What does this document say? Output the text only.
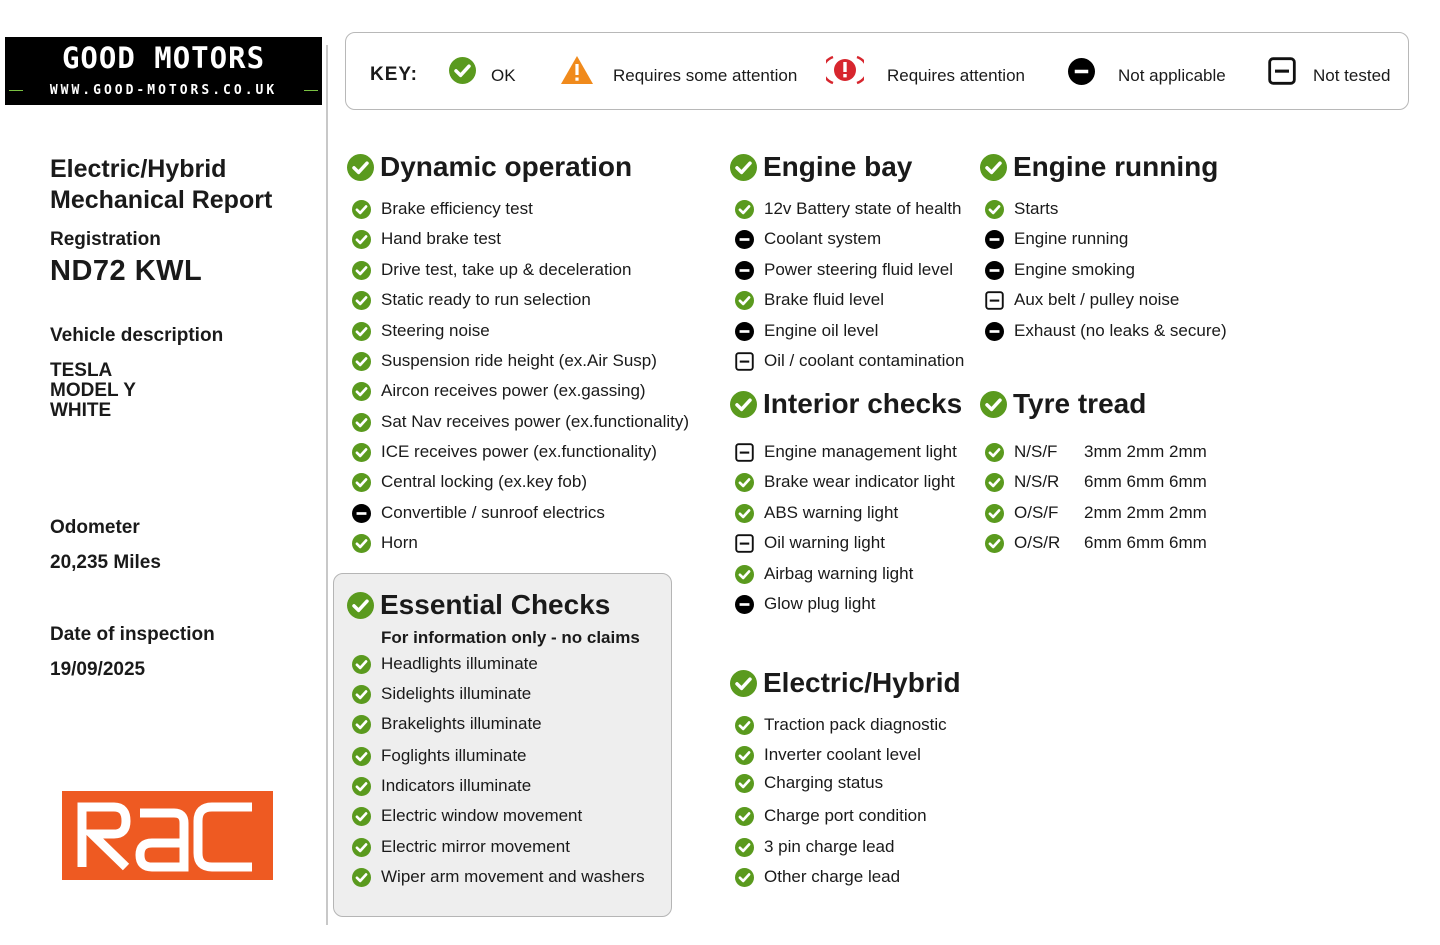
GOOD MOTORS
WWW.GOOD-MOTORS.CO.UK
KEY:	OK	Requires some attention	Requires attention	Not applicable	Not tested
Electric/Hybrid
Mechanical Report
Registration
ND72 KWL
Vehicle description
TESLA
MODEL Y
WHITE
Odometer
20,235 Miles
Date of inspection
19/09/2025
Dynamic operation
Essential Checks
For information only - no claims
Engine bay
Interior checks
Electric/Hybrid
Engine running
Tyre tread
Brake efficiency test
Hand brake test
Drive test, take up & deceleration
Static ready to run selection
Steering noise
Suspension ride height (ex.Air Susp)
Aircon receives power (ex.gassing)
Sat Nav receives power (ex.functionality)
ICE receives power (ex.functionality)
Central locking (ex.key fob)
Convertible / sunroof electrics
Horn
Headlights illuminate
Sidelights illuminate
Brakelights illuminate
Foglights illuminate
Indicators illuminate
Electric window movement
Electric mirror movement
Wiper arm movement and washers
12v Battery state of health
Coolant system
Power steering fluid level
Brake fluid level
Engine oil level
Oil / coolant contamination
Engine management light
Brake wear indicator light
ABS warning light
Oil warning light
Airbag warning light
Glow plug light
Traction pack diagnostic
Inverter coolant level
Charging status
Charge port condition
3 pin charge lead
Other charge lead
Starts
Engine running
Engine smoking
Aux belt / pulley noise
Exhaust (no leaks & secure)
N/S/F	3mm 2mm 2mm
N/S/R	6mm 6mm 6mm
O/S/F	2mm 2mm 2mm
O/S/R	6mm 6mm 6mm
